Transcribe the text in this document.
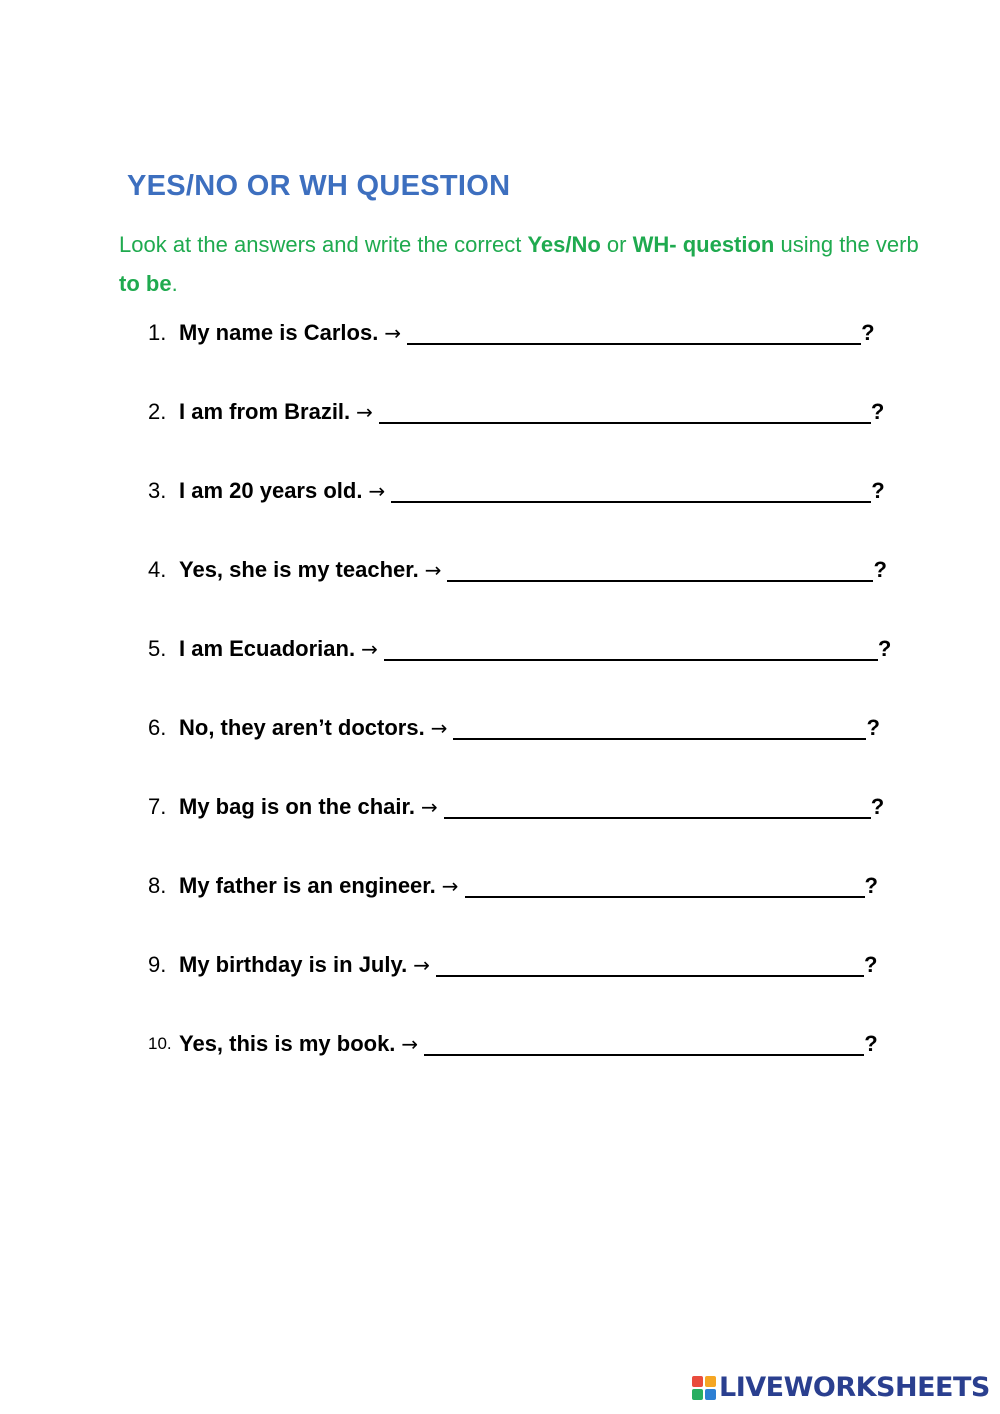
YES/NO OR WH QUESTION

Look at the answers and write the correct Yes/No or WH- question using the verb to be.

1. My name is Carlos. →	?
2. I am from Brazil. →	?
3. I am 20 years old. →	?
4. Yes, she is my teacher. →	?
5. I am Ecuadorian. →	?
6. No, they aren’t doctors. →	?
7. My bag is on the chair. →	?
8. My father is an engineer. →	?
9. My birthday is in July. →	?
10. Yes, this is my book. →	?
LIVEWORKSHEETS
